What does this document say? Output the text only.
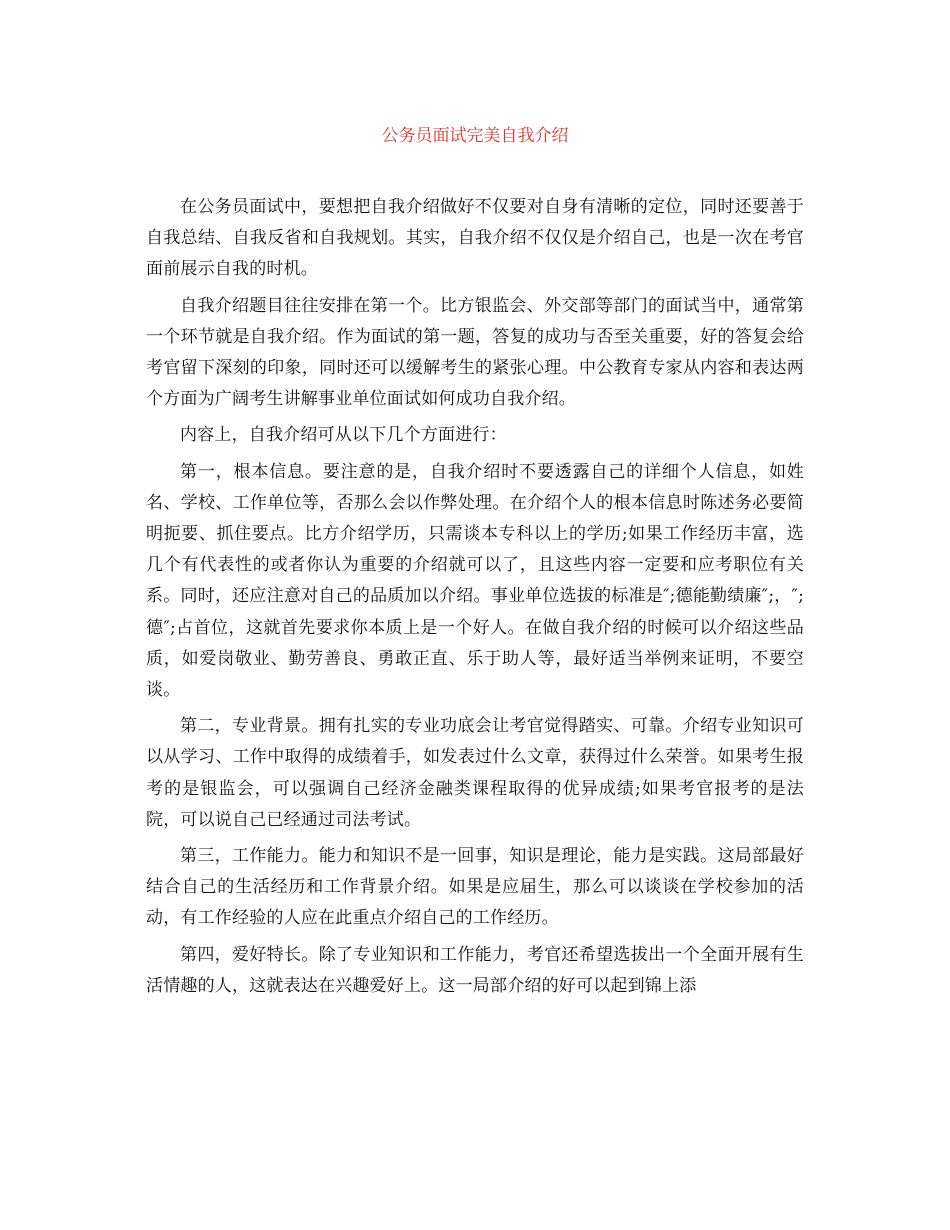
公务员面试完美自我介绍

在公务员面试中，要想把自我介绍做好不仅要对自身有清晰的定位，同时还要善于自我总结、自我反省和自我规划。其实，自我介绍不仅仅是介绍自己，也是一次在考官面前展示自我的时机。

自我介绍题目往往安排在第一个。比方银监会、外交部等部门的面试当中，通常第一个环节就是自我介绍。作为面试的第一题，答复的成功与否至关重要，好的答复会给考官留下深刻的印象，同时还可以缓解考生的紧张心理。中公教育专家从内容和表达两个方面为广阔考生讲解事业单位面试如何成功自我介绍。

内容上，自我介绍可从以下几个方面进行：

第一，根本信息。要注意的是，自我介绍时不要透露自己的详细个人信息，如姓名、学校、工作单位等，否那么会以作弊处理。在介绍个人的根本信息时陈述务必要简明扼要、抓住要点。比方介绍学历，只需谈本专科以上的学历;如果工作经历丰富，选几个有代表性的或者你认为重要的介绍就可以了，且这些内容一定要和应考职位有关系。同时，还应注意对自己的品质加以介绍。事业单位选拔的标准是″;德能勤绩廉″;，″;德″;占首位，这就首先要求你本质上是一个好人。在做自我介绍的时候可以介绍这些品质，如爱岗敬业、勤劳善良、勇敢正直、乐于助人等，最好适当举例来证明，不要空谈。

第二，专业背景。拥有扎实的专业功底会让考官觉得踏实、可靠。介绍专业知识可以从学习、工作中取得的成绩着手，如发表过什么文章，获得过什么荣誉。如果考生报考的是银监会，可以强调自己经济金融类课程取得的优异成绩;如果考官报考的是法院，可以说自己已经通过司法考试。

第三，工作能力。能力和知识不是一回事，知识是理论，能力是实践。这局部最好结合自己的生活经历和工作背景介绍。如果是应届生，那么可以谈谈在学校参加的活动，有工作经验的人应在此重点介绍自己的工作经历。

第四，爱好特长。除了专业知识和工作能力，考官还希望选拔出一个全面开展有生活情趣的人，这就表达在兴趣爱好上。这一局部介绍的好可以起到锦上添
